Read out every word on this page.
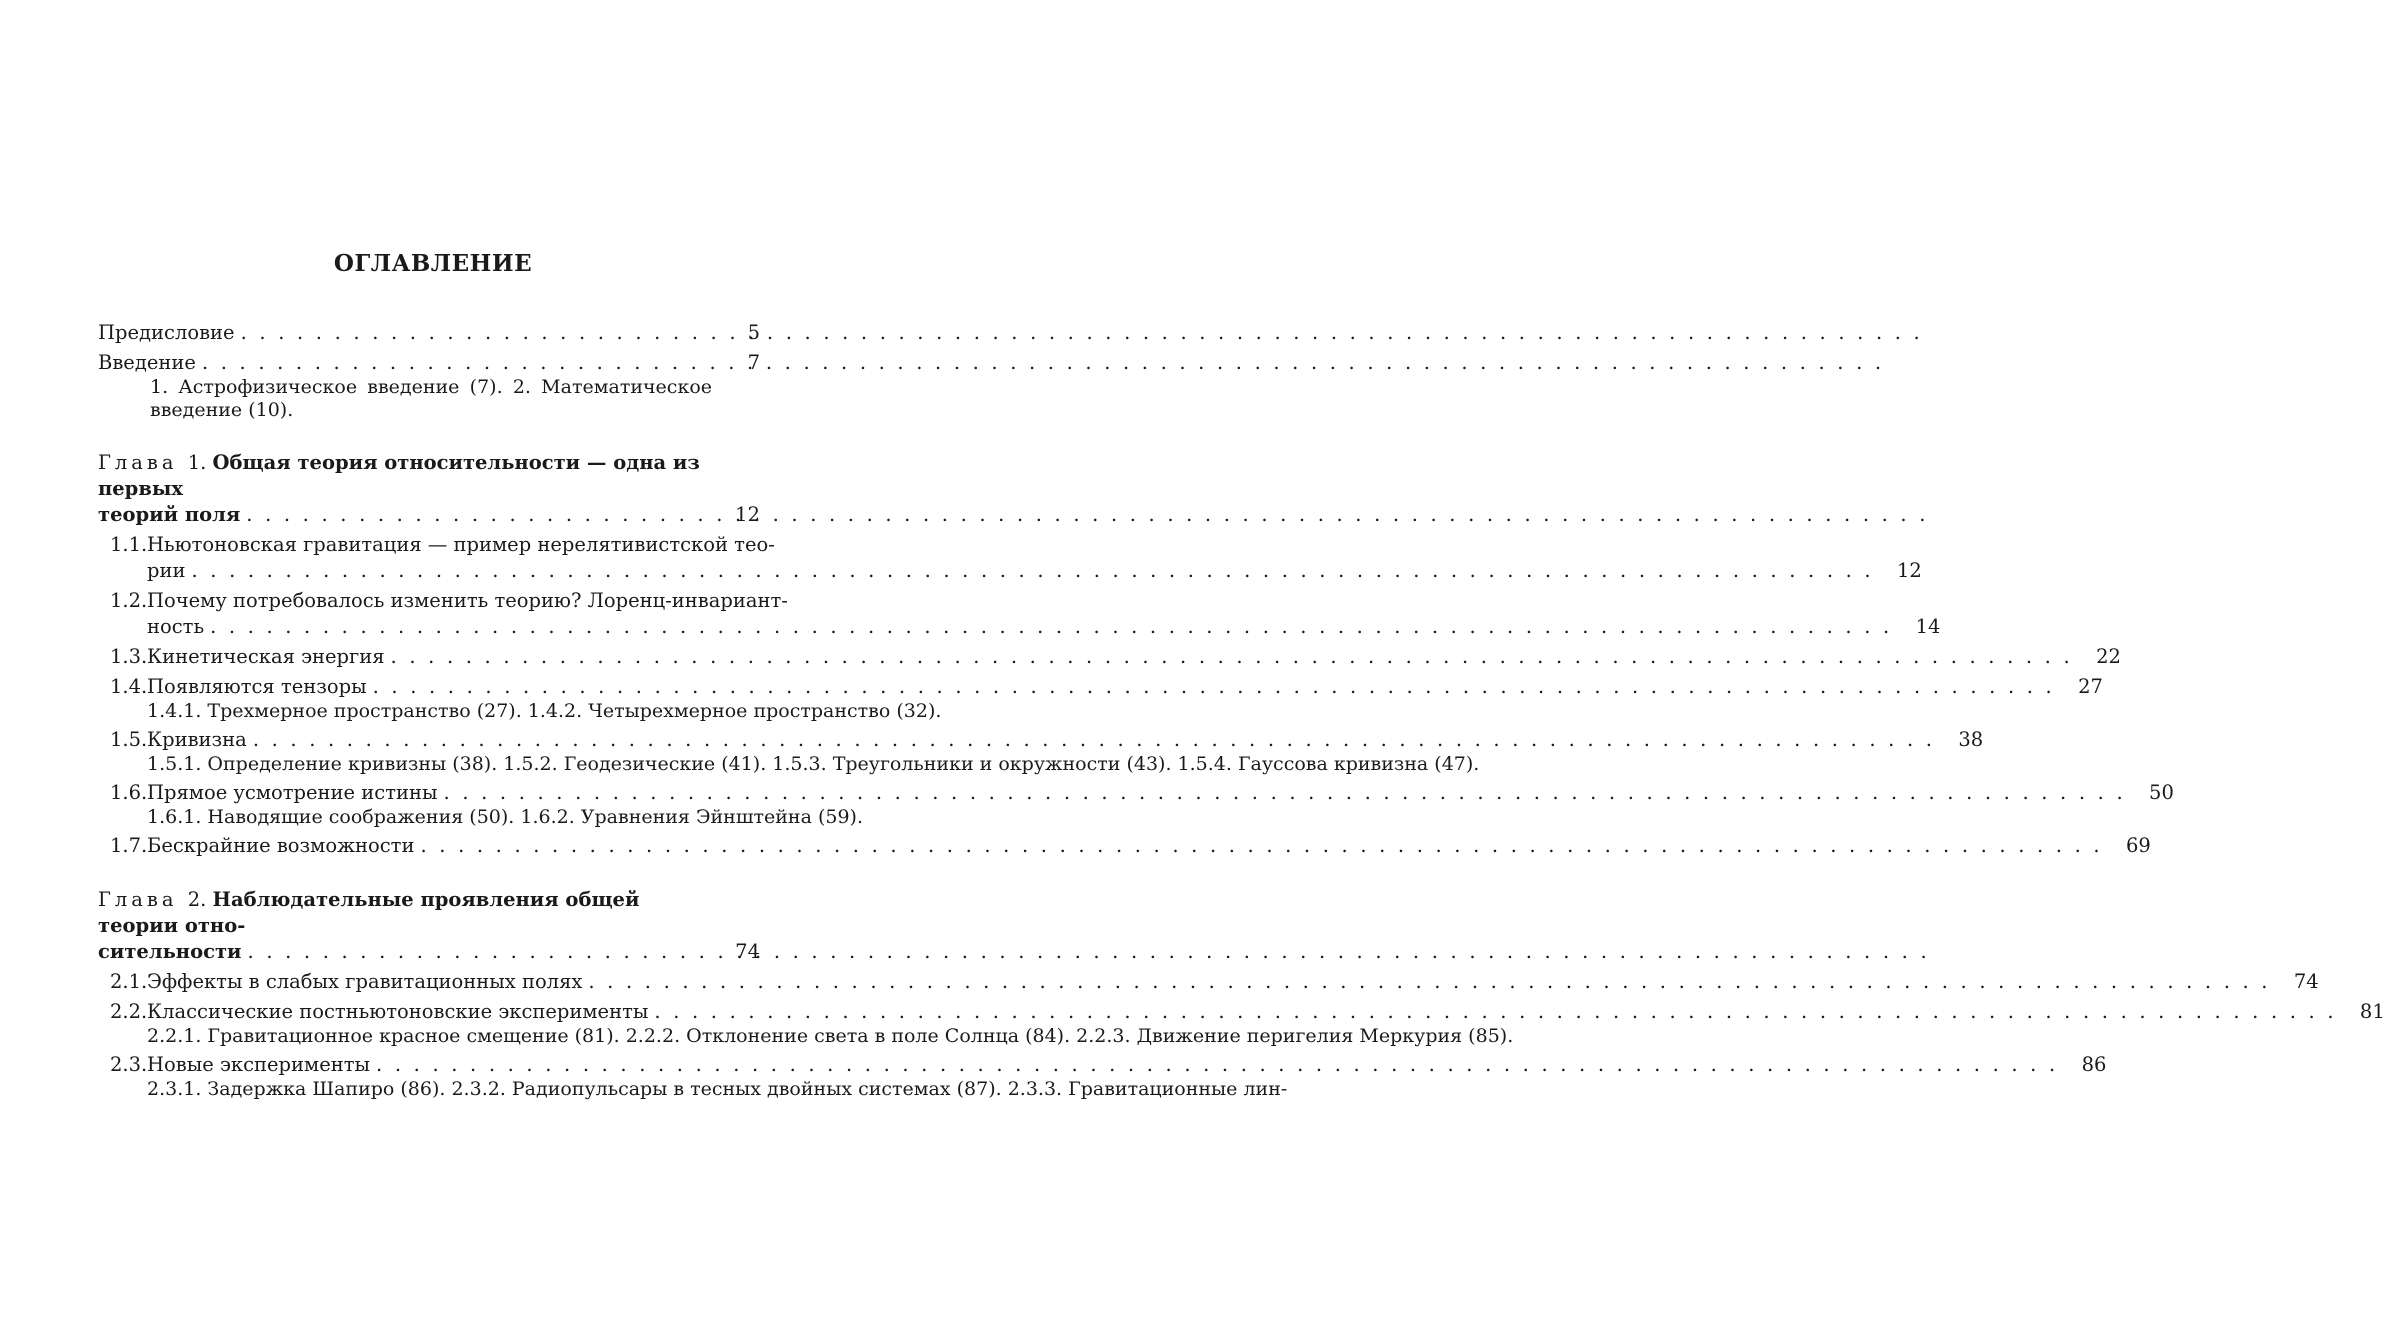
ОГЛАВЛЕНИЕ
Предисловие . . .	5
Введение . . .	7
1. Астрофизическое введение (7). 2. Математическое введение (10).
Глава 1. Общая теория относительности — одна из первых
теорий поля . . .	12
1.1. Ньютоновская гравитация — пример нерелятивистской тео-
рии . . .	12
1.2. Почему потребовалось изменить теорию? Лоренц-инвариант-
ность . . .	14
1.3. Кинетическая энергия . . .	22
1.4. Появляются тензоры . . .	27
1.4.1. Трехмерное пространство (27). 1.4.2. Четырехмерное пространство (32).
1.5. Кривизна . . .	38
1.5.1. Определение кривизны (38). 1.5.2. Геодезические (41). 1.5.3. Треугольники и окружности (43). 1.5.4. Гауссова кривизна (47).
1.6. Прямое усмотрение истины . . .	50
1.6.1. Наводящие соображения (50). 1.6.2. Уравнения Эйнштейна (59).
1.7. Бескрайние возможности . . .	69
Глава 2. Наблюдательные проявления общей теории отно-
сительности . . .	74
2.1. Эффекты в слабых гравитационных полях . . .	74
2.2. Классические постньютоновские эксперименты . . .	81
2.2.1. Гравитационное красное смещение (81). 2.2.2. Отклонение света в поле Солнца (84). 2.2.3. Движение перигелия Меркурия (85).
2.3. Новые эксперименты . . .	86
2.3.1. Задержка Шапиро (86). 2.3.2. Радиопульсары в тесных двойных системах (87). 2.3.3. Гравитационные лин-
